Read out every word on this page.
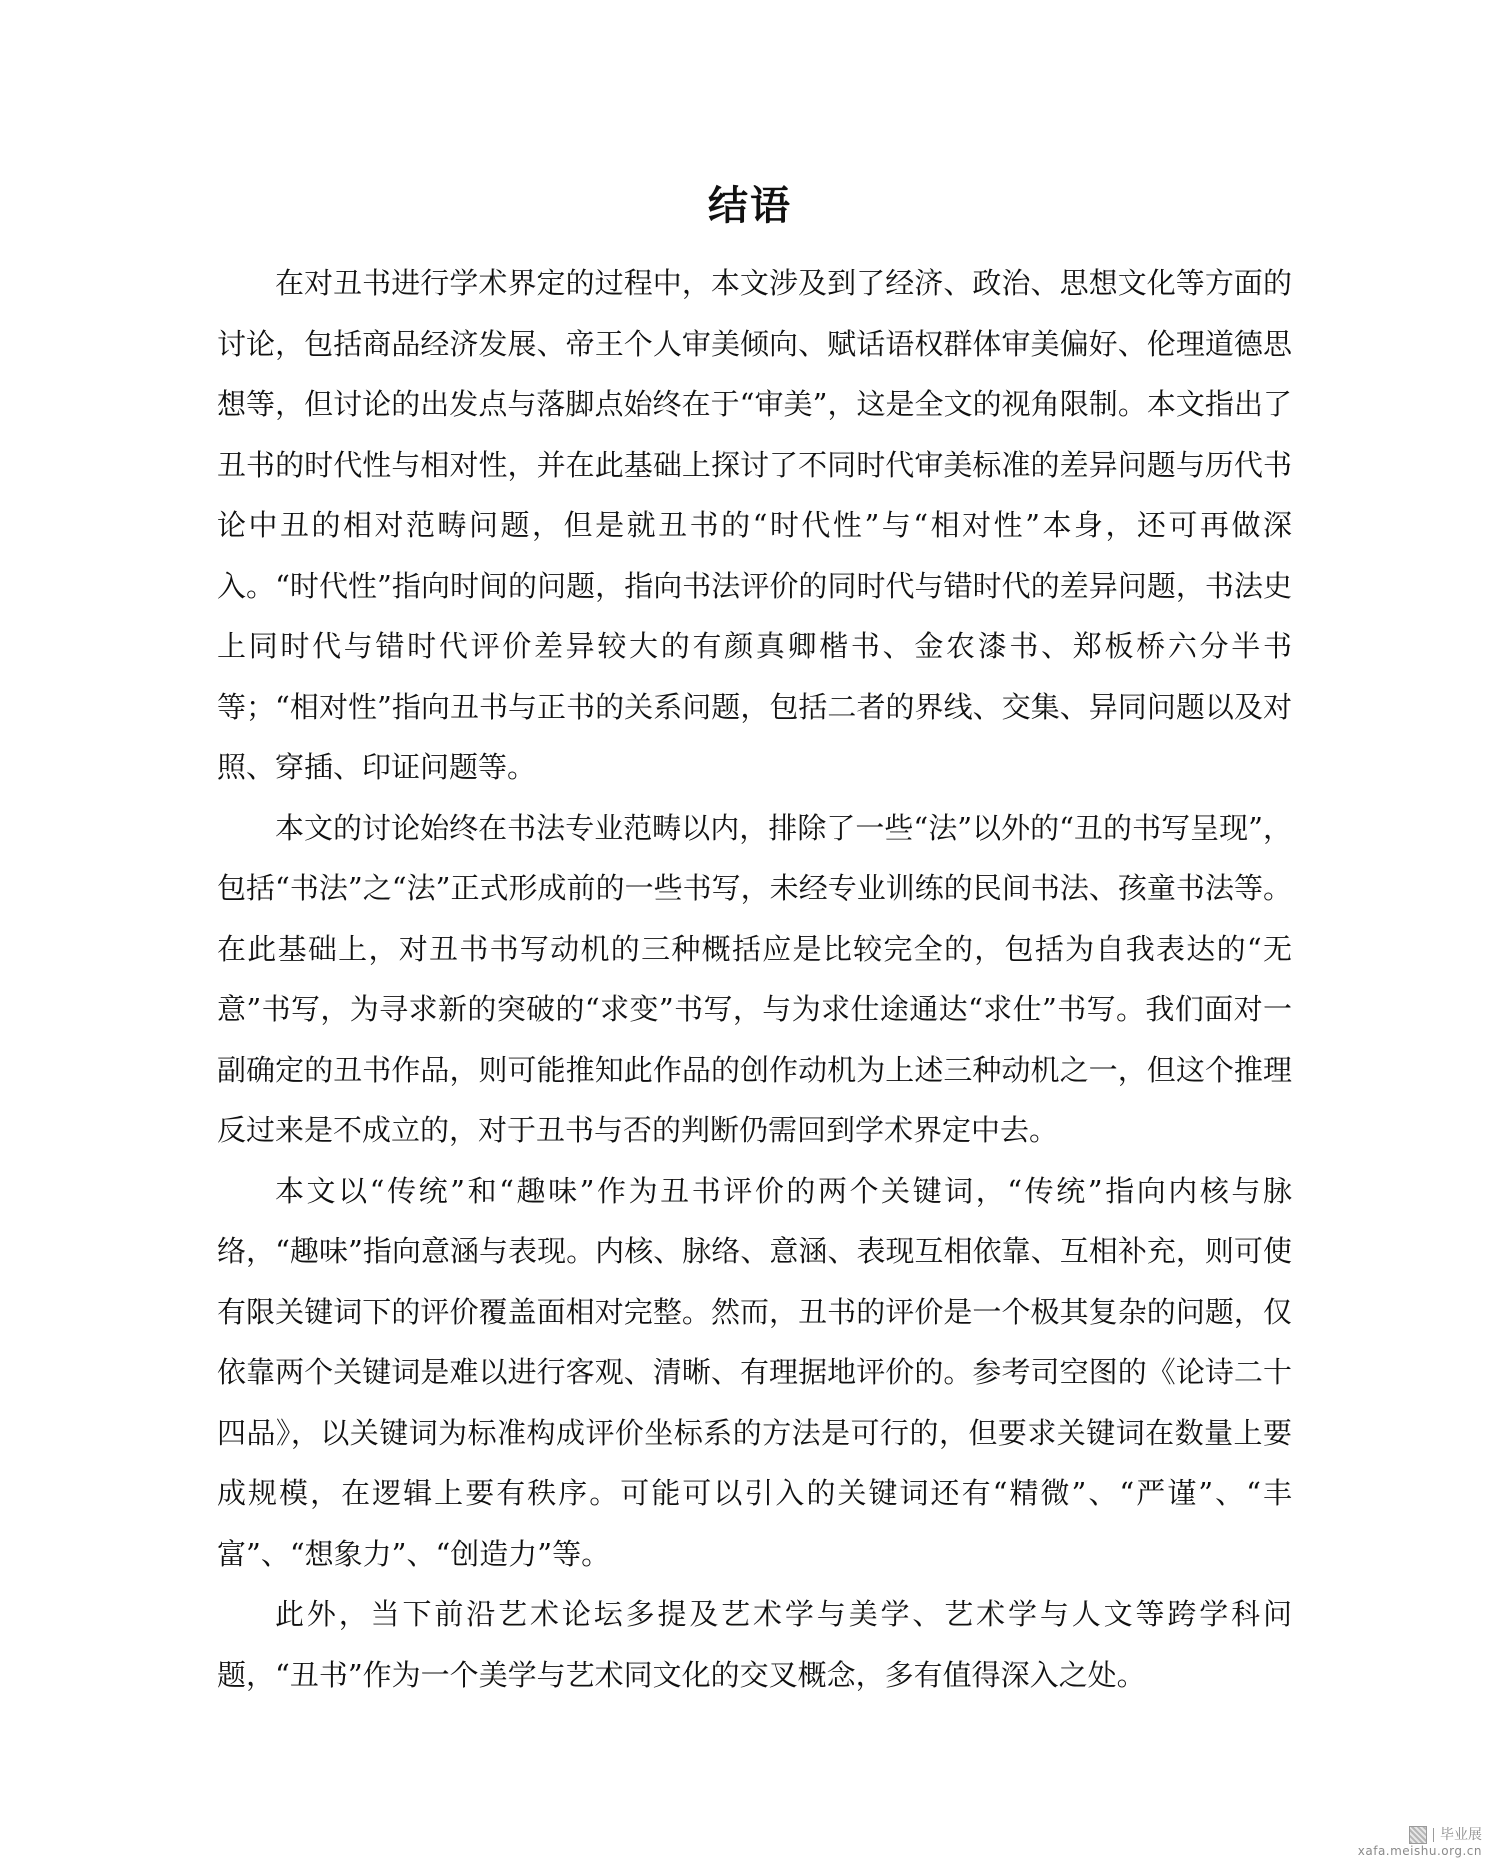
结语

在对丑书进行学术界定的过程中，本文涉及到了经济、政治、思想文化等方面的讨论，包括商品经济发展、帝王个人审美倾向、赋话语权群体审美偏好、伦理道德思想等，但讨论的出发点与落脚点始终在于“审美”，这是全文的视角限制。本文指出了丑书的时代性与相对性，并在此基础上探讨了不同时代审美标准的差异问题与历代书论中丑的相对范畴问题，但是就丑书的“时代性”与“相对性”本身，还可再做深入。“时代性”指向时间的问题，指向书法评价的同时代与错时代的差异问题，书法史上同时代与错时代评价差异较大的有颜真卿楷书、金农漆书、郑板桥六分半书等；“相对性”指向丑书与正书的关系问题，包括二者的界线、交集、异同问题以及对照、穿插、印证问题等。

本文的讨论始终在书法专业范畴以内，排除了一些“法”以外的“丑的书写呈现”，包括“书法”之“法”正式形成前的一些书写，未经专业训练的民间书法、孩童书法等。在此基础上，对丑书书写动机的三种概括应是比较完全的，包括为自我表达的“无意”书写，为寻求新的突破的“求变”书写，与为求仕途通达“求仕”书写。我们面对一副确定的丑书作品，则可能推知此作品的创作动机为上述三种动机之一，但这个推理反过来是不成立的，对于丑书与否的判断仍需回到学术界定中去。

本文以“传统”和“趣味”作为丑书评价的两个关键词，“传统”指向内核与脉络，“趣味”指向意涵与表现。内核、脉络、意涵、表现互相依靠、互相补充，则可使有限关键词下的评价覆盖面相对完整。然而，丑书的评价是一个极其复杂的问题，仅依靠两个关键词是难以进行客观、清晰、有理据地评价的。参考司空图的《论诗二十四品》，以关键词为标准构成评价坐标系的方法是可行的，但要求关键词在数量上要成规模，在逻辑上要有秩序。可能可以引入的关键词还有“精微”、“严谨”、“丰富”、“想象力”、“创造力”等。

此外，当下前沿艺术论坛多提及艺术学与美学、艺术学与人文等跨学科问题，“丑书”作为一个美学与艺术同文化的交叉概念，多有值得深入之处。

毕业展
xafa.meishu.org.cn
